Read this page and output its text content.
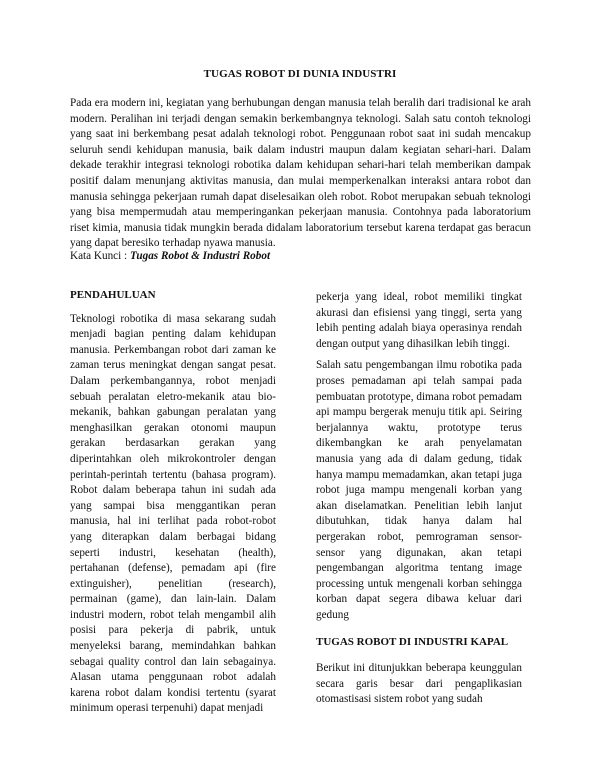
TUGAS ROBOT DI DUNIA INDUSTRI

Pada era modern ini, kegiatan yang berhubungan dengan manusia telah beralih dari tradisional ke arah modern. Peralihan ini terjadi dengan semakin berkembangnya teknologi. Salah satu contoh teknologi yang saat ini berkembang pesat adalah teknologi robot. Penggunaan robot saat ini sudah mencakup seluruh sendi kehidupan manusia, baik dalam industri maupun dalam kegiatan sehari-hari. Dalam dekade terakhir integrasi teknologi robotika dalam kehidupan sehari-hari telah memberikan dampak positif dalam menunjang aktivitas manusia, dan mulai memperkenalkan interaksi antara robot dan manusia sehingga pekerjaan rumah dapat diselesaikan oleh robot. Robot merupakan sebuah teknologi yang bisa mempermudah atau memperingankan pekerjaan manusia. Contohnya pada laboratorium riset kimia, manusia tidak mungkin berada didalam laboratorium tersebut karena terdapat gas beracun yang dapat beresiko terhadap nyawa manusia.

Kata Kunci : Tugas Robot & Industri Robot
PENDAHULUAN

Teknologi robotika di masa sekarang sudah menjadi bagian penting dalam kehidupan manusia. Perkembangan robot dari zaman ke zaman terus meningkat dengan sangat pesat. Dalam perkembangannya, robot menjadi sebuah peralatan eletro-mekanik atau bio-mekanik, bahkan gabungan peralatan yang menghasilkan gerakan otonomi maupun gerakan berdasarkan gerakan yang diperintahkan oleh mikrokontroler dengan perintah-perintah tertentu (bahasa program). Robot dalam beberapa tahun ini sudah ada yang sampai bisa menggantikan peran manusia, hal ini terlihat pada robot-robot yang diterapkan dalam berbagai bidang seperti industri, kesehatan (health), pertahanan (defense), pemadam api (fire extinguisher), penelitian (research), permainan (game), dan lain-lain. Dalam industri modern, robot telah mengambil alih posisi para pekerja di pabrik, untuk menyeleksi barang, memindahkan bahkan sebagai quality control dan lain sebagainya. Alasan utama penggunaan robot adalah karena robot dalam kondisi tertentu (syarat minimum operasi terpenuhi) dapat menjadi

pekerja yang ideal, robot memiliki tingkat akurasi dan efisiensi yang tinggi, serta yang lebih penting adalah biaya operasinya rendah dengan output yang dihasilkan lebih tinggi.

Salah satu pengembangan ilmu robotika pada proses pemadaman api telah sampai pada pembuatan prototype, dimana robot pemadam api mampu bergerak menuju titik api. Seiring berjalannya waktu, prototype terus dikembangkan ke arah penyelamatan manusia yang ada di dalam gedung, tidak hanya mampu memadamkan, akan tetapi juga robot juga mampu mengenali korban yang akan diselamatkan. Penelitian lebih lanjut dibutuhkan, tidak hanya dalam hal pergerakan robot, pemrograman sensor-sensor yang digunakan, akan tetapi pengembangan algoritma tentang image processing untuk mengenali korban sehingga korban dapat segera dibawa keluar dari gedung

TUGAS ROBOT DI INDUSTRI KAPAL

Berikut ini ditunjukkan beberapa keunggulan secara garis besar dari pengaplikasian otomastisasi sistem robot yang sudah
